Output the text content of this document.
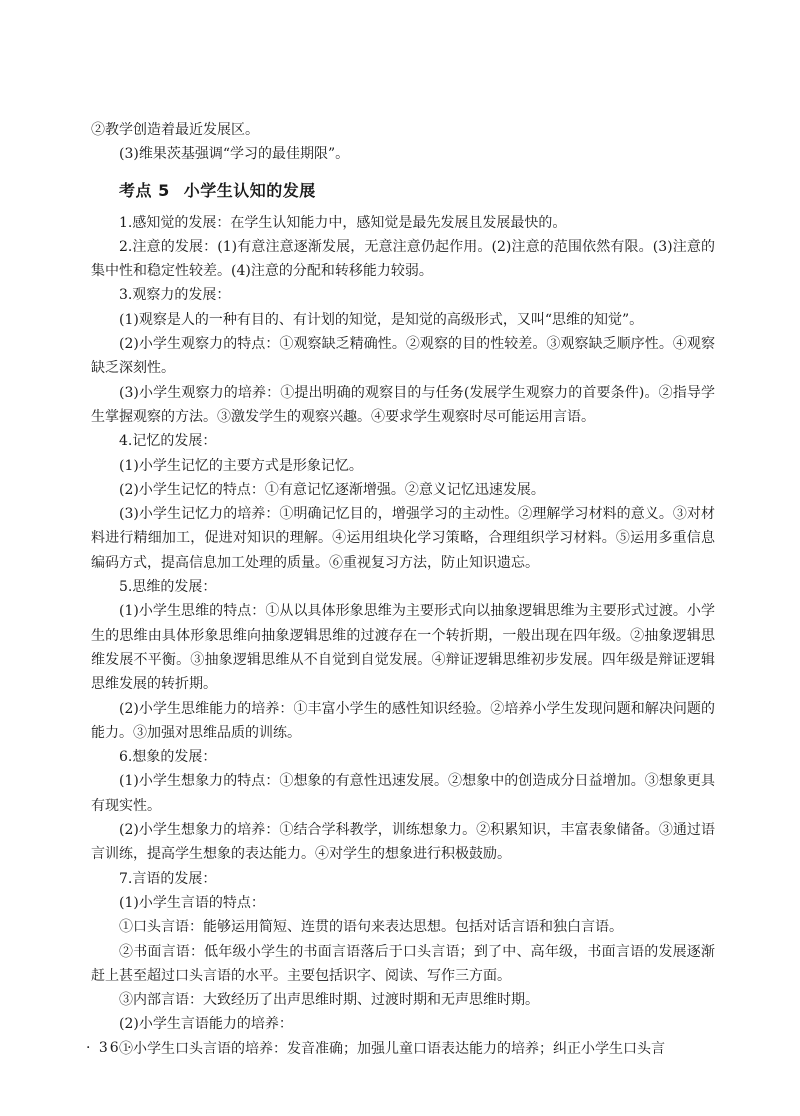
②教学创造着最近发展区。

(3)维果茨基强调“学习的最佳期限”。

考点 5 小学生认知的发展

1.感知觉的发展：在学生认知能力中，感知觉是最先发展且发展最快的。

2.注意的发展：(1)有意注意逐渐发展，无意注意仍起作用。(2)注意的范围依然有限。(3)注意的集中性和稳定性较差。(4)注意的分配和转移能力较弱。

3.观察力的发展：

(1)观察是人的一种有目的、有计划的知觉，是知觉的高级形式，又叫“思维的知觉”。

(2)小学生观察力的特点：①观察缺乏精确性。②观察的目的性较差。③观察缺乏顺序性。④观察缺乏深刻性。

(3)小学生观察力的培养：①提出明确的观察目的与任务(发展学生观察力的首要条件)。②指导学生掌握观察的方法。③激发学生的观察兴趣。④要求学生观察时尽可能运用言语。

4.记忆的发展：

(1)小学生记忆的主要方式是形象记忆。

(2)小学生记忆的特点：①有意记忆逐渐增强。②意义记忆迅速发展。

(3)小学生记忆力的培养：①明确记忆目的，增强学习的主动性。②理解学习材料的意义。③对材料进行精细加工，促进对知识的理解。④运用组块化学习策略，合理组织学习材料。⑤运用多重信息编码方式，提高信息加工处理的质量。⑥重视复习方法，防止知识遗忘。

5.思维的发展：

(1)小学生思维的特点：①从以具体形象思维为主要形式向以抽象逻辑思维为主要形式过渡。小学生的思维由具体形象思维向抽象逻辑思维的过渡存在一个转折期，一般出现在四年级。②抽象逻辑思维发展不平衡。③抽象逻辑思维从不自觉到自觉发展。④辩证逻辑思维初步发展。四年级是辩证逻辑思维发展的转折期。

(2)小学生思维能力的培养：①丰富小学生的感性知识经验。②培养小学生发现问题和解决问题的能力。③加强对思维品质的训练。

6.想象的发展：

(1)小学生想象力的特点：①想象的有意性迅速发展。②想象中的创造成分日益增加。③想象更具有现实性。

(2)小学生想象力的培养：①结合学科教学，训练想象力。②积累知识，丰富表象储备。③通过语言训练，提高学生想象的表达能力。④对学生的想象进行积极鼓励。

7.言语的发展：

(1)小学生言语的特点：

①口头言语：能够运用简短、连贯的语句来表达思想。包括对话言语和独白言语。

②书面言语：低年级小学生的书面言语落后于口头言语；到了中、高年级，书面言语的发展逐渐赶上甚至超过口头言语的水平。主要包括识字、阅读、写作三方面。

③内部言语：大致经历了出声思维时期、过渡时期和无声思维时期。

(2)小学生言语能力的培养：

①小学生口头言语的培养：发音准确；加强儿童口语表达能力的培养；纠正小学生口头言

· 36 ·
